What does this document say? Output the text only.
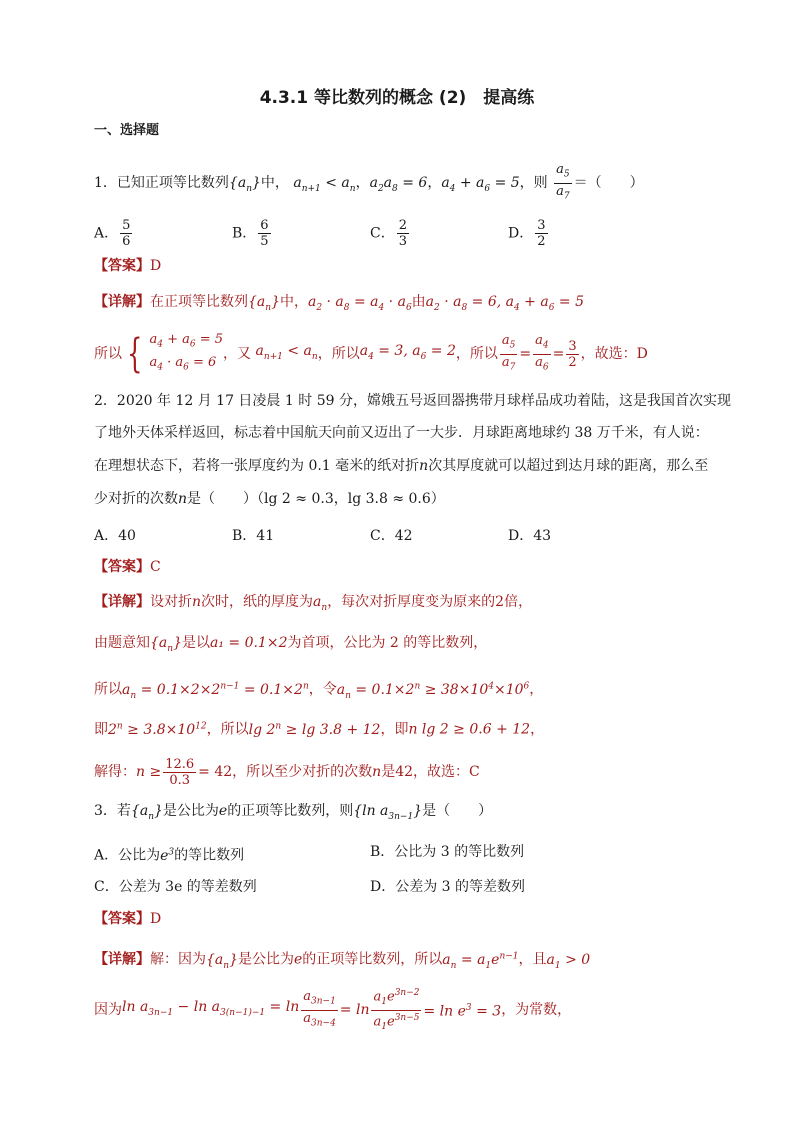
4.3.1 等比数列的概念 (2)　提高练
一、选择题
1．已知正项等比数列$\{a_n\}$中， $a_{n+1} < a_n$，$a_2a_8 = 6$，$a_4 + a_6 = 5$，则 $\frac{a_5}{a_7}$ ＝（　　）
A． $\frac{5}{6}$	B． $\frac{6}{5}$	C． $\frac{2}{3}$	D． $\frac{3}{2}$
【答案】D
【详解】在正项等比数列$\{a_n\}$中，$a_2 \cdot a_8 = a_4 \cdot a_6$由$a_2 \cdot a_8 = 6$, $a_4 + a_6 = 5$
所以 { $a_4 + a_6 = 5$
$a_4 \cdot a_6 = 6$
，又 $a_{n+1} < a_n$ ，所以 $a_4 = 3$, $a_6 = 2$ ，所以
$a_5$
$a_7$
=
$a_4$
$a_6$
= 3
2 ，故选：D
2．2020 年 12 月 17 日凌晨 1 时 59 分，嫦娥五号返回器携带月球样品成功着陆，这是我国首次实现
了地外天体采样返回，标志着中国航天向前又迈出了一大步．月球距离地球约 38 万千米，有人说：
在理想状态下，若将一张厚度约为 0.1 毫米的纸对折n次其厚度就可以超过到达月球的距离，那么至
少对折的次数n是（　　）（lg 2 ≈ 0.3，lg 3.8 ≈ 0.6）
A．40	B．41	C．42	D．43
【答案】C
【详解】设对折n次时，纸的厚度为$a_n$，每次对折厚度变为原来的2倍，
由题意知$\{a_n\}$是以a₁ = 0.1×2为首项，公比为 2 的等比数列，
所以$a_n = 0.1\times 2\times 2^{n-1} = 0.1\times 2^n$，令$a_n = 0.1\times 2^n \ge 38\times 10^4\times 10^6$，
即$2^n \ge 3.8\times 10^{12}$，所以$\lg 2^n \ge \lg 3.8 + 12$，即n lg 2 ≥ 0.6 + 12，
解得： $n \ge \frac{12.6}{0.3} = 42$ ，所以至少对折的次数 n 是 42 ，故选：C
3．若$\{a_n\}$是公比为e的正项等比数列，则{ln $a_{3n-1}$}是（　　）
A．公比为$e^3$的等比数列	B．公比为 3 的等比数列
C．公差为 3e 的等差数列	D．公差为 3 的等差数列
【答案】D
【详解】解：因为$\{a_n\}$是公比为e的正项等比数列，所以$a_n = a_1e^{n-1}$，且$a_1 > 0$
因为 $\ln a_{3n-1} - \ln a_{3(n-1)-1} = \ln \frac{a_{3n-1}}{a_{3n-4}} = \ln \frac{a_1e^{3n-2}}{a_1e^{3n-5}} = \ln e^3 = 3$ ，为常数，
